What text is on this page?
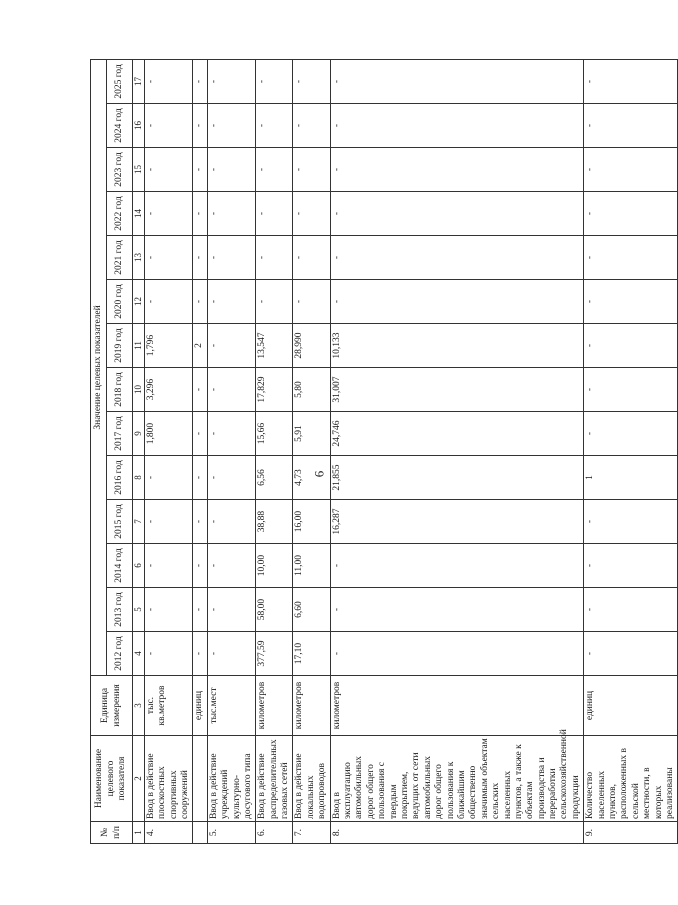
6
№ п/п	Наименование целевого показателя	Единица измерения	Значение целевых показателей													
			2012 год	2013 год	2014 год	2015 год	2016 год	2017 год	2018 год	2019 год	2020 год	2021 год	2022 год	2023 год	2024 год	2025 год
1	2	3	4	5	6	7	8	9	10	11	12	13	14	15	16	17
4.	Ввод в действие плоскостных спортивных сооружений	тыс. кв.метров	-	-	-	-	-	1,800	3,296	1,796	-	-	-	-	-	-
		единиц	-	-	-	-	-	-	-	2	-	-	-	-	-	-
5.	Ввод в действие учреждений культурно-досугового типа	тыс.мест	-	-	-	-	-	-	-	-	-	-	-	-	-	-
6.	Ввод в действие распределительных газовых сетей	километров	377,59	58,00	10,00	38,88	6,56	15,66	17,829	13,547	-	-	-	-	-	-
7.	Ввод в действие локальных водопроводов	километров	17,10	6,60	11,00	16,00	4,73	5,91	5,80	28,990	-	-	-	-	-	-
8.	Ввод в эксплуатацию автомобильных дорог общего пользования с твердым покрытием, ведущих от сети автомобильных дорог общего пользования к ближайшим общественно значимым объектам сельских населенных пунктов, а также к объектам производства и переработки сельскохозяйственной продукции	километров	-	-	-	16,287	21,855	24,746	31,007	10,133	-	-	-	-	-	-
9.	Количество населенных пунктов, расположенных в сельской местности, в которых реализованы	единиц	-	-	-	-	1	-	-	-	-	-	-	-	-	-
